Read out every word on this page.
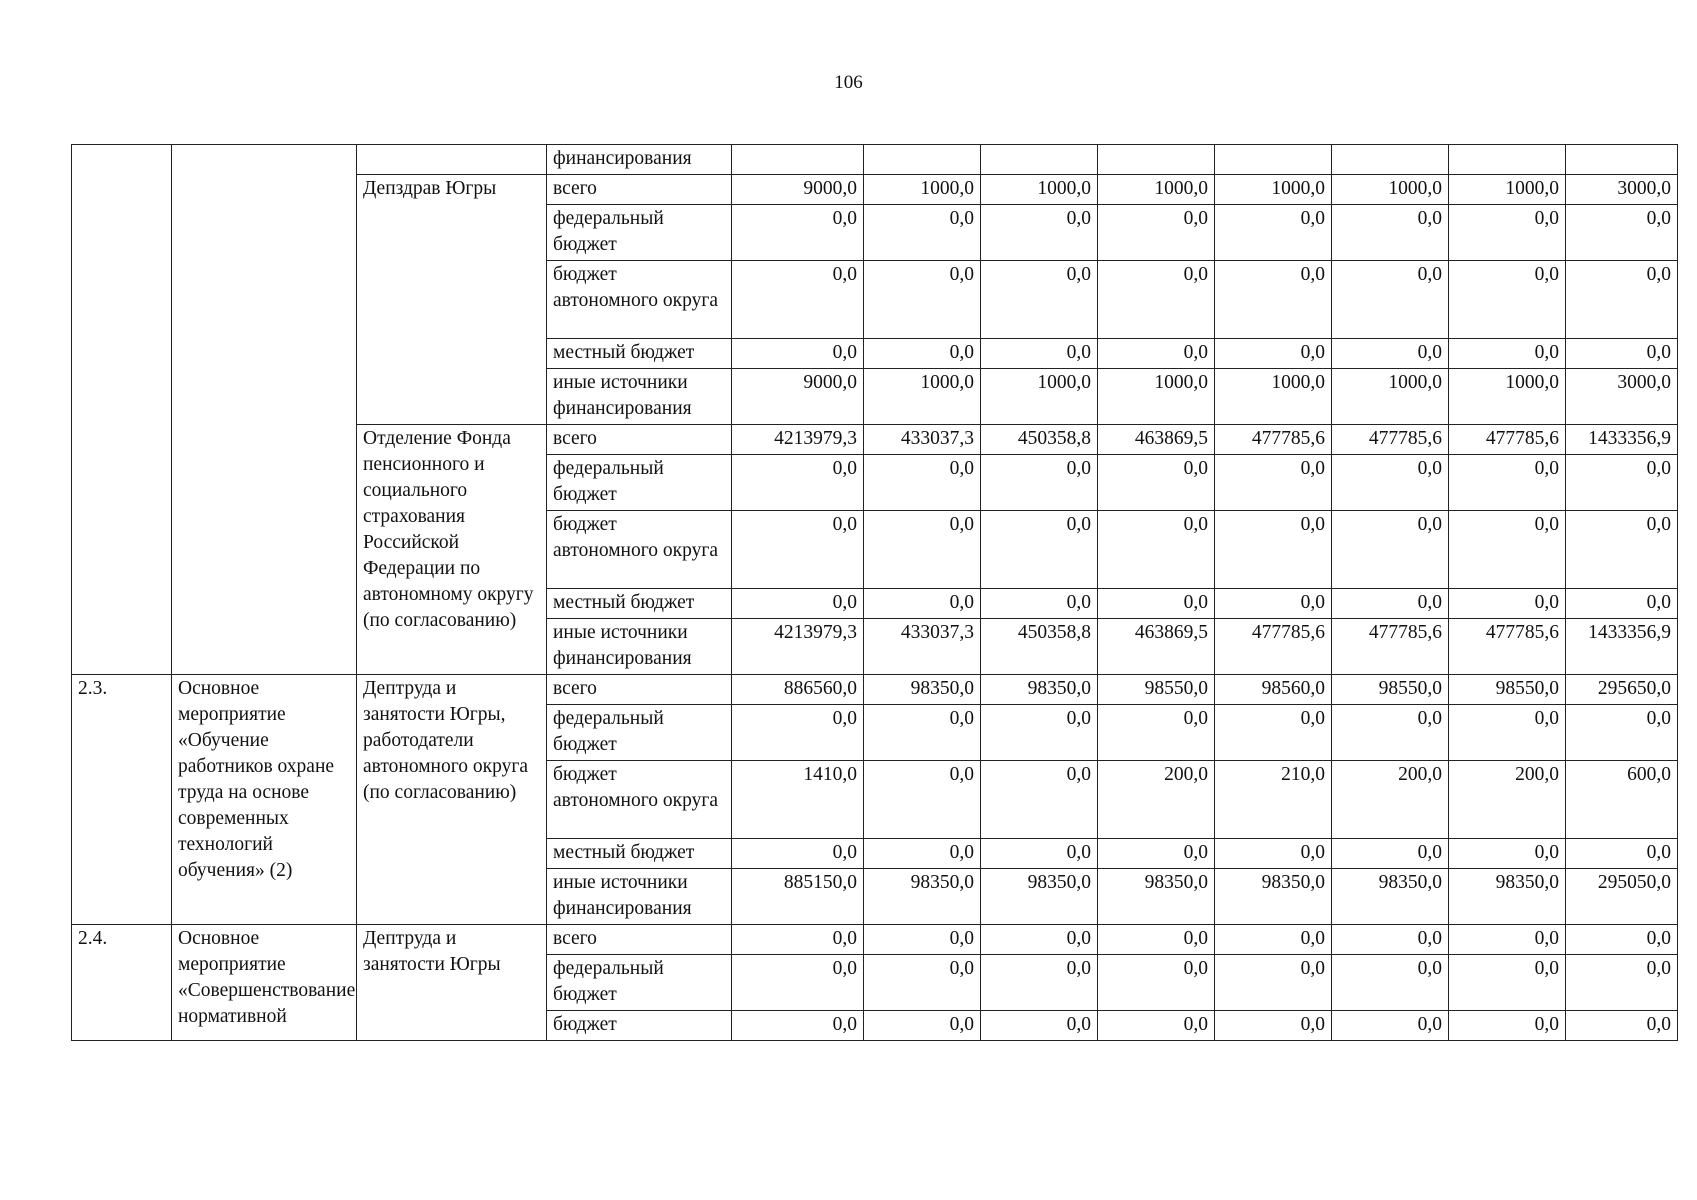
106
			финансирования								
		Депздрав Югры	всего	9000,0	1000,0	1000,0	1000,0	1000,0	1000,0	1000,0	3000,0
			федеральный бюджет	0,0	0,0	0,0	0,0	0,0	0,0	0,0	0,0
			бюджет автономного округа	0,0	0,0	0,0	0,0	0,0	0,0	0,0	0,0
			местный бюджет	0,0	0,0	0,0	0,0	0,0	0,0	0,0	0,0
			иные источники финансирования	9000,0	1000,0	1000,0	1000,0	1000,0	1000,0	1000,0	3000,0
		Отделение Фонда пенсионного и социального страхования Российской Федерации по автономному округу (по согласованию)	всего	4213979,3	433037,3	450358,8	463869,5	477785,6	477785,6	477785,6	1433356,9
			федеральный бюджет	0,0	0,0	0,0	0,0	0,0	0,0	0,0	0,0
			бюджет автономного округа	0,0	0,0	0,0	0,0	0,0	0,0	0,0	0,0
			местный бюджет	0,0	0,0	0,0	0,0	0,0	0,0	0,0	0,0
			иные источники финансирования	4213979,3	433037,3	450358,8	463869,5	477785,6	477785,6	477785,6	1433356,9
2.3.	Основное мероприятие «Обучение работников охране труда на основе современных технологий обучения» (2)	Дептруда и занятости Югры, работодатели автономного округа (по согласованию)	всего	886560,0	98350,0	98350,0	98550,0	98560,0	98550,0	98550,0	295650,0
			федеральный бюджет	0,0	0,0	0,0	0,0	0,0	0,0	0,0	0,0
			бюджет автономного округа	1410,0	0,0	0,0	200,0	210,0	200,0	200,0	600,0
			местный бюджет	0,0	0,0	0,0	0,0	0,0	0,0	0,0	0,0
			иные источники финансирования	885150,0	98350,0	98350,0	98350,0	98350,0	98350,0	98350,0	295050,0
2.4.	Основное мероприятие «Совершенствование нормативной	Дептруда и занятости Югры	всего	0,0	0,0	0,0	0,0	0,0	0,0	0,0	0,0
			федеральный бюджет	0,0	0,0	0,0	0,0	0,0	0,0	0,0	0,0
			бюджет	0,0	0,0	0,0	0,0	0,0	0,0	0,0	0,0
